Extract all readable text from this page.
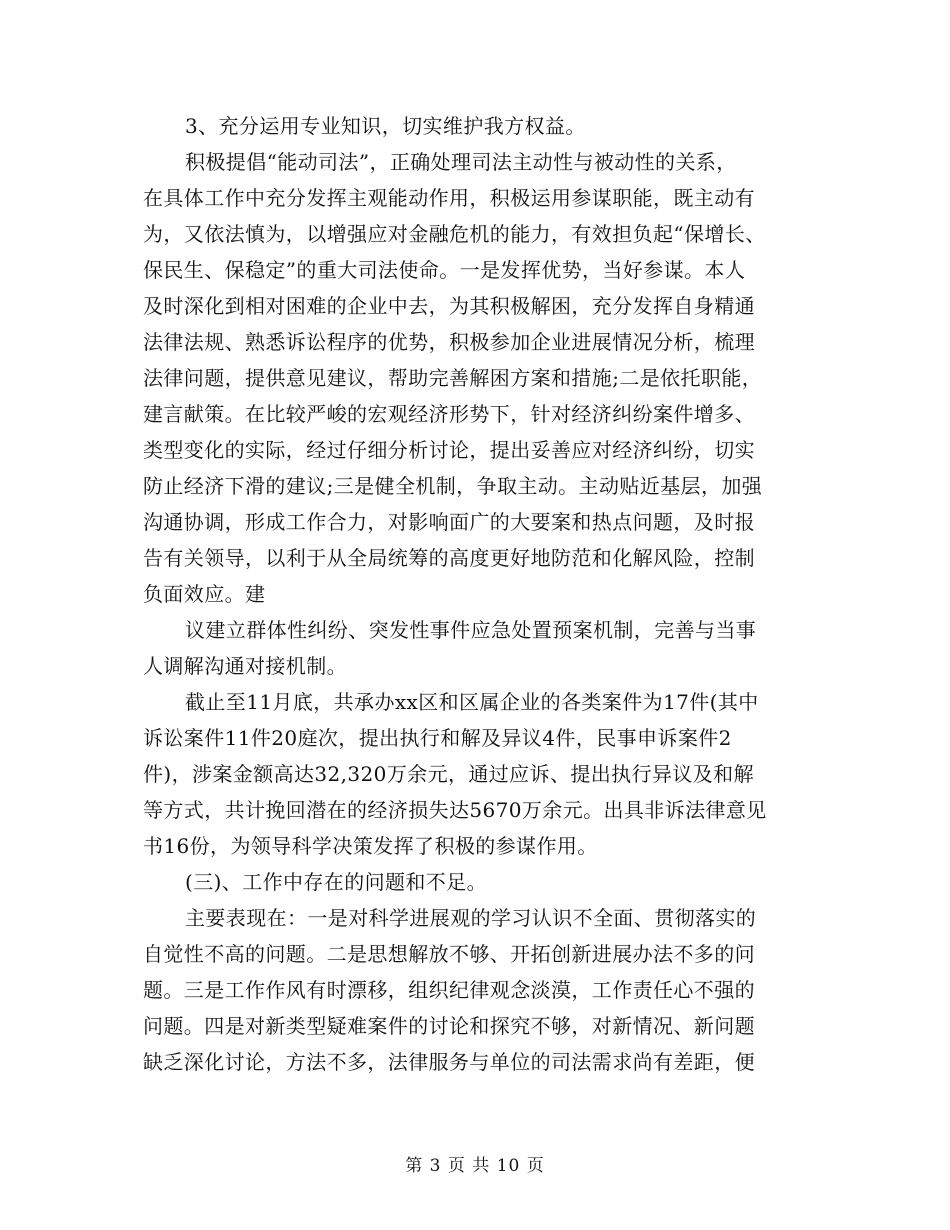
3、充分运用专业知识，切实维护我方权益。
积极提倡“能动司法”，正确处理司法主动性与被动性的关系，
在具体工作中充分发挥主观能动作用，积极运用参谋职能，既主动有
为，又依法慎为，以增强应对金融危机的能力，有效担负起“保增长、
保民生、保稳定”的重大司法使命。一是发挥优势，当好参谋。本人
及时深化到相对困难的企业中去，为其积极解困，充分发挥自身精通
法律法规、熟悉诉讼程序的优势，积极参加企业进展情况分析，梳理
法律问题，提供意见建议，帮助完善解困方案和措施;二是依托职能，
建言献策。在比较严峻的宏观经济形势下，针对经济纠纷案件增多、
类型变化的实际，经过仔细分析讨论，提出妥善应对经济纠纷，切实
防止经济下滑的建议;三是健全机制，争取主动。主动贴近基层，加强
沟通协调，形成工作合力，对影响面广的大要案和热点问题，及时报
告有关领导，以利于从全局统筹的高度更好地防范和化解风险，控制
负面效应。建
议建立群体性纠纷、突发性事件应急处置预案机制，完善与当事
人调解沟通对接机制。
截止至11月底，共承办xx区和区属企业的各类案件为17件(其中
诉讼案件11件20庭次，提出执行和解及异议4件，民事申诉案件2
件)，涉案金额高达32,320万余元，通过应诉、提出执行异议及和解
等方式，共计挽回潜在的经济损失达5670万余元。出具非诉法律意见
书16份，为领导科学决策发挥了积极的参谋作用。
(三)、工作中存在的问题和不足。
主要表现在：一是对科学进展观的学习认识不全面、贯彻落实的
自觉性不高的问题。二是思想解放不够、开拓创新进展办法不多的问
题。三是工作作风有时漂移，组织纪律观念淡漠，工作责任心不强的
问题。四是对新类型疑难案件的讨论和探究不够，对新情况、新问题
缺乏深化讨论，方法不多，法律服务与单位的司法需求尚有差距，便
第 3 页 共 10 页
